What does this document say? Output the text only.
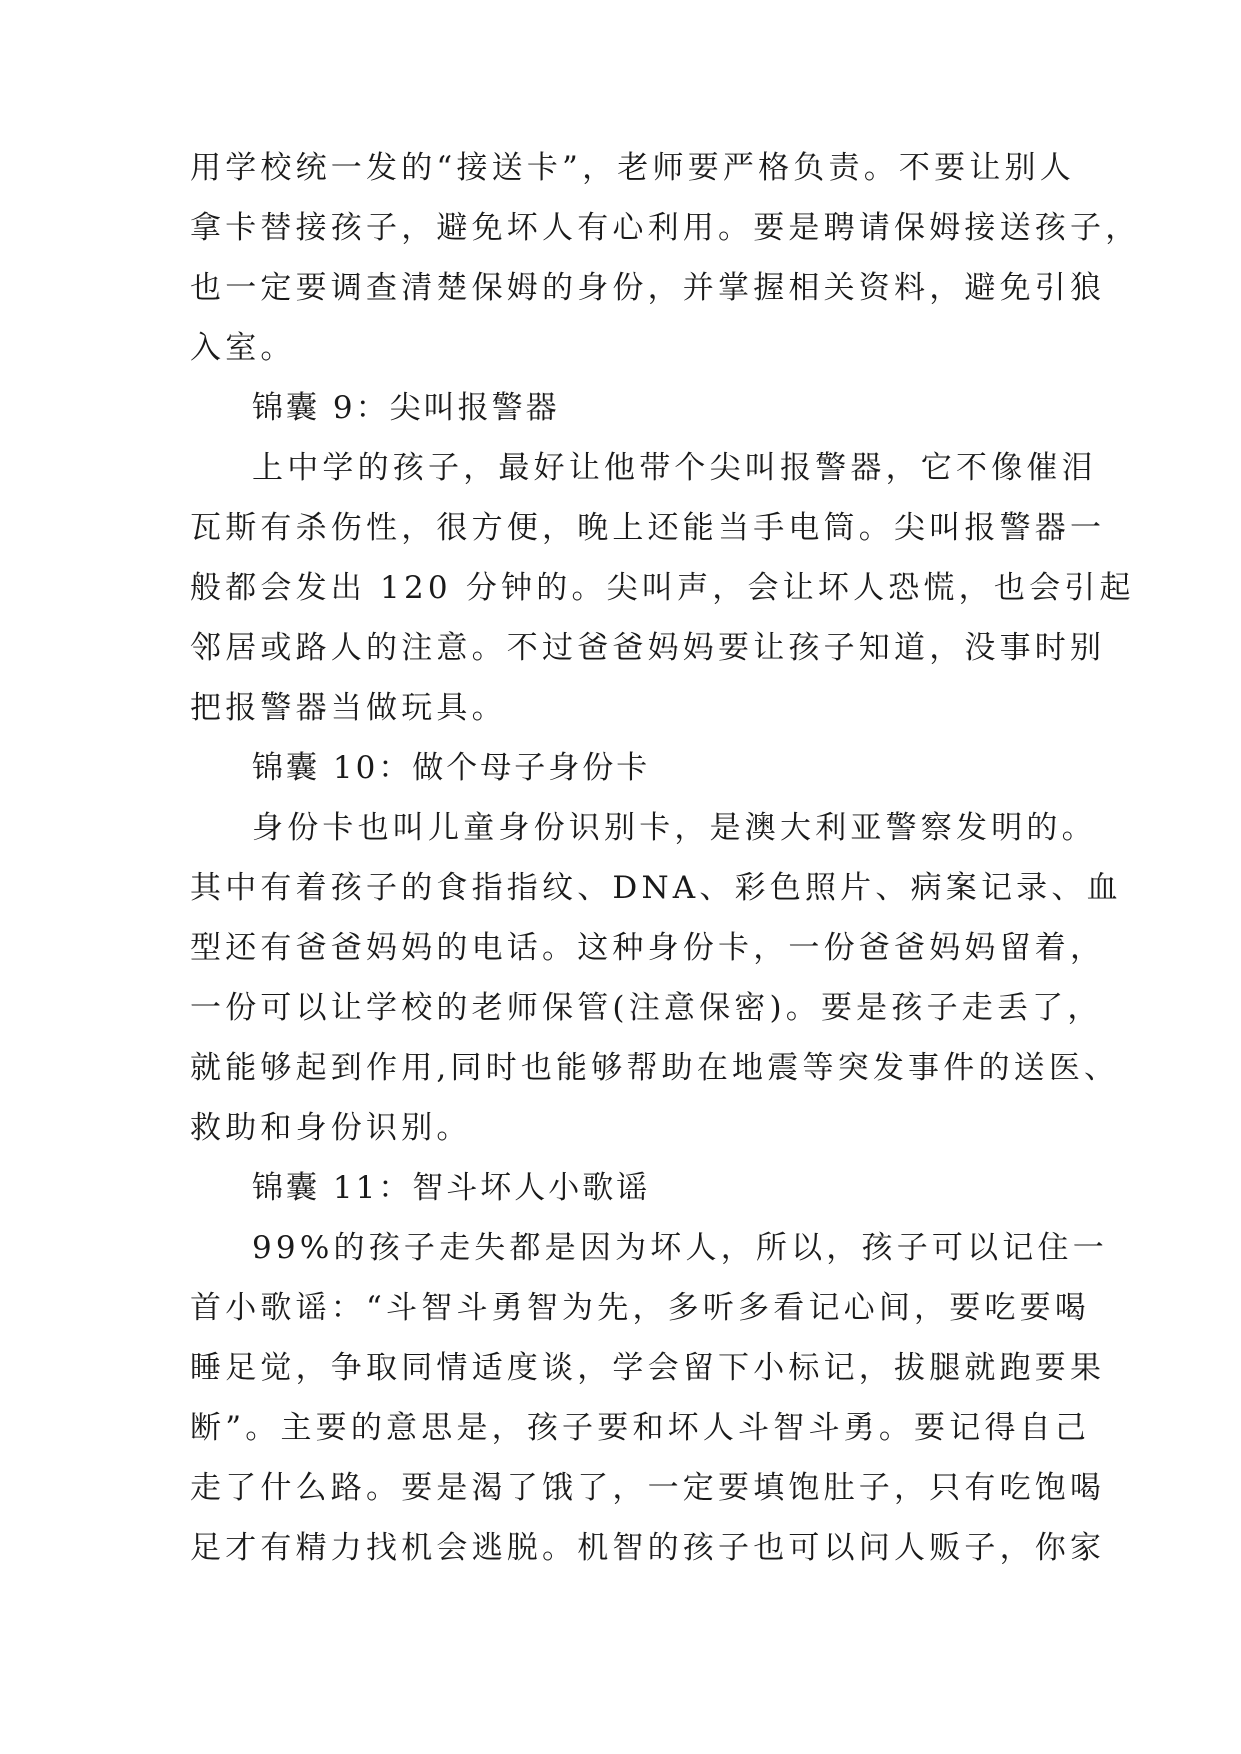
用学校统一发的“接送卡”，老师要严格负责。不要让别人
拿卡替接孩子，避免坏人有心利用。要是聘请保姆接送孩子，
也一定要调查清楚保姆的身份，并掌握相关资料，避免引狼
入室。
锦囊 9：尖叫报警器
上中学的孩子，最好让他带个尖叫报警器，它不像催泪
瓦斯有杀伤性，很方便，晚上还能当手电筒。尖叫报警器一
般都会发出 120 分钟的。尖叫声，会让坏人恐慌，也会引起
邻居或路人的注意。不过爸爸妈妈要让孩子知道，没事时别
把报警器当做玩具。
锦囊 10：做个母子身份卡
身份卡也叫儿童身份识别卡，是澳大利亚警察发明的。
其中有着孩子的食指指纹、DNA、彩色照片、病案记录、血
型还有爸爸妈妈的电话。这种身份卡，一份爸爸妈妈留着，
一份可以让学校的老师保管(注意保密)。要是孩子走丢了，
就能够起到作用,同时也能够帮助在地震等突发事件的送医、
救助和身份识别。
锦囊 11：智斗坏人小歌谣
99%的孩子走失都是因为坏人，所以，孩子可以记住一
首小歌谣：“斗智斗勇智为先，多听多看记心间，要吃要喝
睡足觉，争取同情适度谈，学会留下小标记，拔腿就跑要果
断”。主要的意思是，孩子要和坏人斗智斗勇。要记得自己
走了什么路。要是渴了饿了，一定要填饱肚子，只有吃饱喝
足才有精力找机会逃脱。机智的孩子也可以问人贩子，你家
